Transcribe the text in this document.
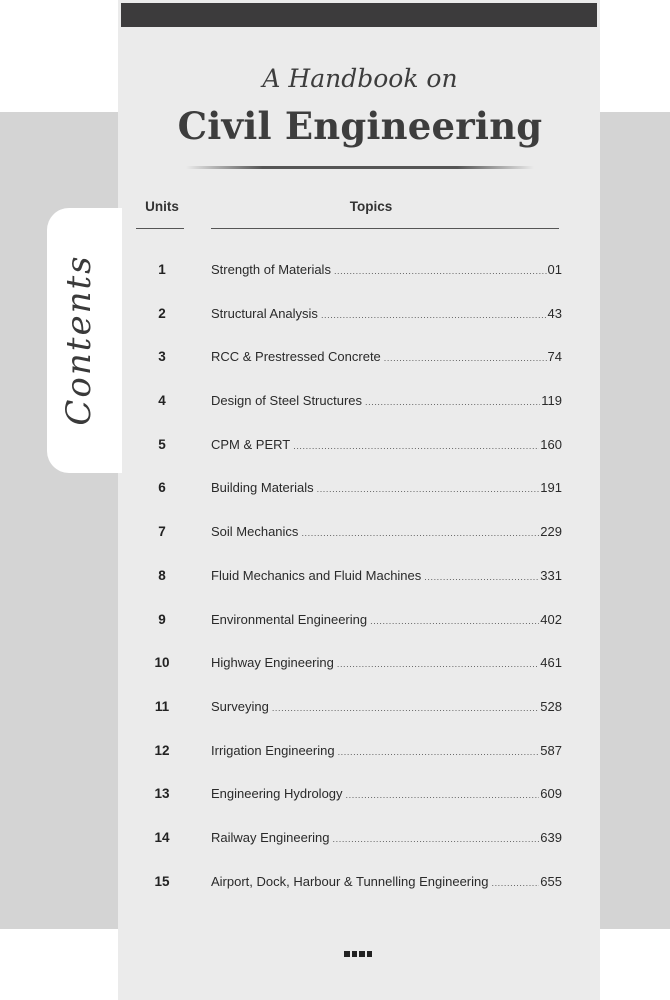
Contents
A Handbook on
Civil Engineering
Units	Topics
1	Strength of Materials .....	01
2	Structural Analysis .....	43
3	RCC & Prestressed Concrete .....	74
4	Design of Steel Structures .....	119
5	CPM & PERT .....	160
6	Building Materials .....	191
7	Soil Mechanics .....	229
8	Fluid Mechanics and Fluid Machines .....	331
9	Environmental Engineering .....	402
10	Highway Engineering .....	461
11	Surveying .....	528
12	Irrigation Engineering .....	587
13	Engineering Hydrology .....	609
14	Railway Engineering .....	639
15	Airport, Dock, Harbour & Tunnelling Engineering .....	655
